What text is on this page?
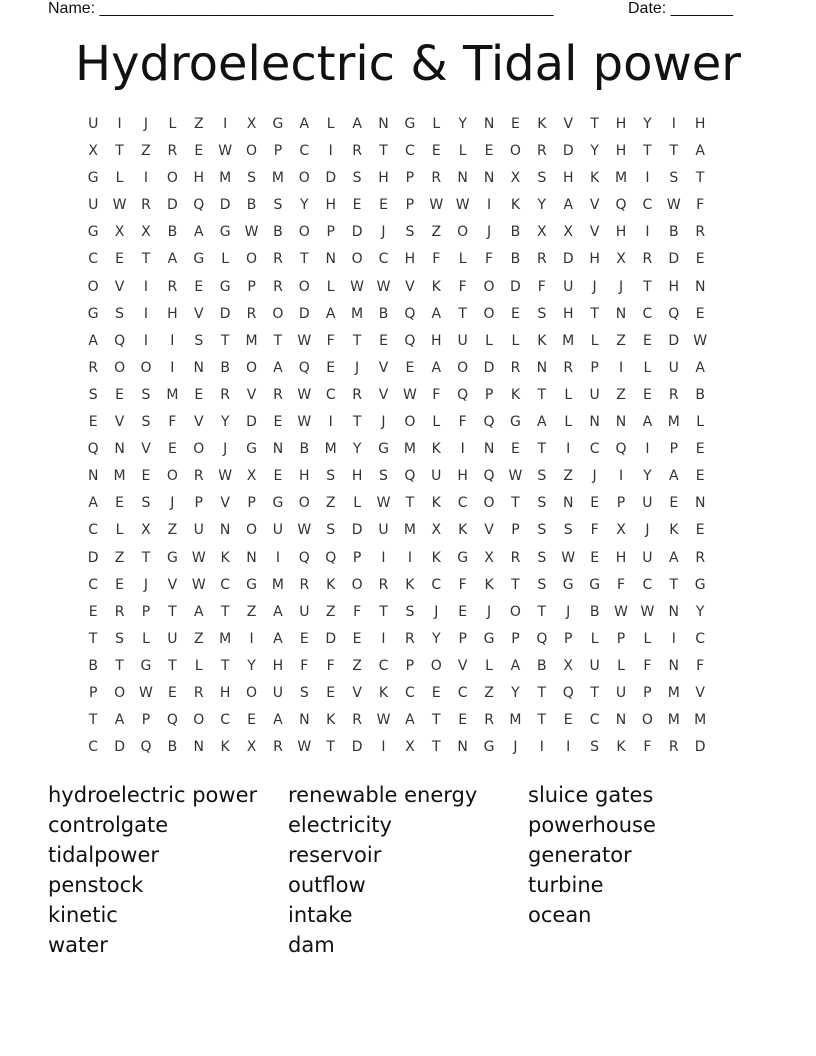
Name: ___________________________________________________	Date: _______
Hydroelectric & Tidal power
U	I	J	L	Z	I	X	G	A	L	A	N	G	L	Y	N	E	K	V	T	H	Y	I	H
X	T	Z	R	E	W O	P	C	I	R	T	C	E	L	E	O	R	D	Y	H	T	T	A
G	L	I	O	H	M	S	M	O	D	S	H	P	R	N	N	X	S	H	K	M	I	S	T
U	W	R	D	Q	D	B	S	Y	H	E	E	P	W W	I	K	Y	A	V	Q	C	W	F
G	X	X	B	A	G	W	B	O	P	D	J	S	Z	O	J	B	X	X	V	H	I	B	R
C	E	T	A	G	L	O	R	T	N	O	C	H	F	L	F	B	R	D	H	X	R	D	E
O	V	I	R	E	G	P	R	O	L	W W	V	K	F	O	D	F	U	J	J	T	H	N
G	S	I	H	V	D	R	O	D	A	M	B	Q	A	T	O	E	S	H	T	N	C	Q	E
A	Q	I	I	S	T	M	T	W	F	T	E	Q	H	U	L	L	K	M	L	Z	E	D	W
R	O	O	I	N	B	O	A	Q	E	J	V	E	A	O	D	R	N	R	P	I	L	U	A
S	E	S	M	E	R	V	R	W	C	R	V	W	F	Q	P	K	T	L	U	Z	E	R	B
E	V	S	F	V	Y	D	E	W	I	T	J	O	L	F	Q	G	A	L	N	N	A	M	L
Q	N	V	E	O	J	G	N	B	M	Y	G	M	K	I	N	E	T	I	C	Q	I	P	E
N	M	E	O	R	W	X	E	H	S	H	S	Q	U	H	Q W	S	Z	J	I	Y	A	E
A	E	S	J	P	V	P	G	O	Z	L	W	T	K	C	O	T	S	N	E	P	U	E	N
C	L	X	Z	U	N	O	U	W	S	D	U	M	X	K	V	P	S	S	F	X	J	K	E
D	Z	T	G	W	K	N	I	Q	Q	P	I	I	K	G	X	R	S	W	E	H	U	A	R
C	E	J	V	W	C	G	M	R	K	O	R	K	C	F	K	T	S	G	G	F	C	T	G
E	R	P	T	A	T	Z	A	U	Z	F	T	S	J	E	J	O	T	J	B	W W	N	Y
T	S	L	U	Z	M	I	A	E	D	E	I	R	Y	P	G	P	Q	P	L	P	L	I	C
B	T	G	T	L	T	Y	H	F	F	Z	C	P	O	V	L	A	B	X	U	L	F	N	F
P	O W	E	R	H	O	U	S	E	V	K	C	E	C	Z	Y	T	Q	T	U	P	M	V
T	A	P	Q	O	C	E	A	N	K	R	W	A	T	E	R	M	T	E	C	N	O	M	M
C	D	Q	B	N	K	X	R	W	T	D	I	X	T	N	G	J	I	I	S	K	F	R	D
hydroelectric power
controlgate
tidalpower
penstock
kinetic
water
renewable energy
electricity
reservoir
outflow
intake
dam
sluice gates
powerhouse
generator
turbine
ocean
